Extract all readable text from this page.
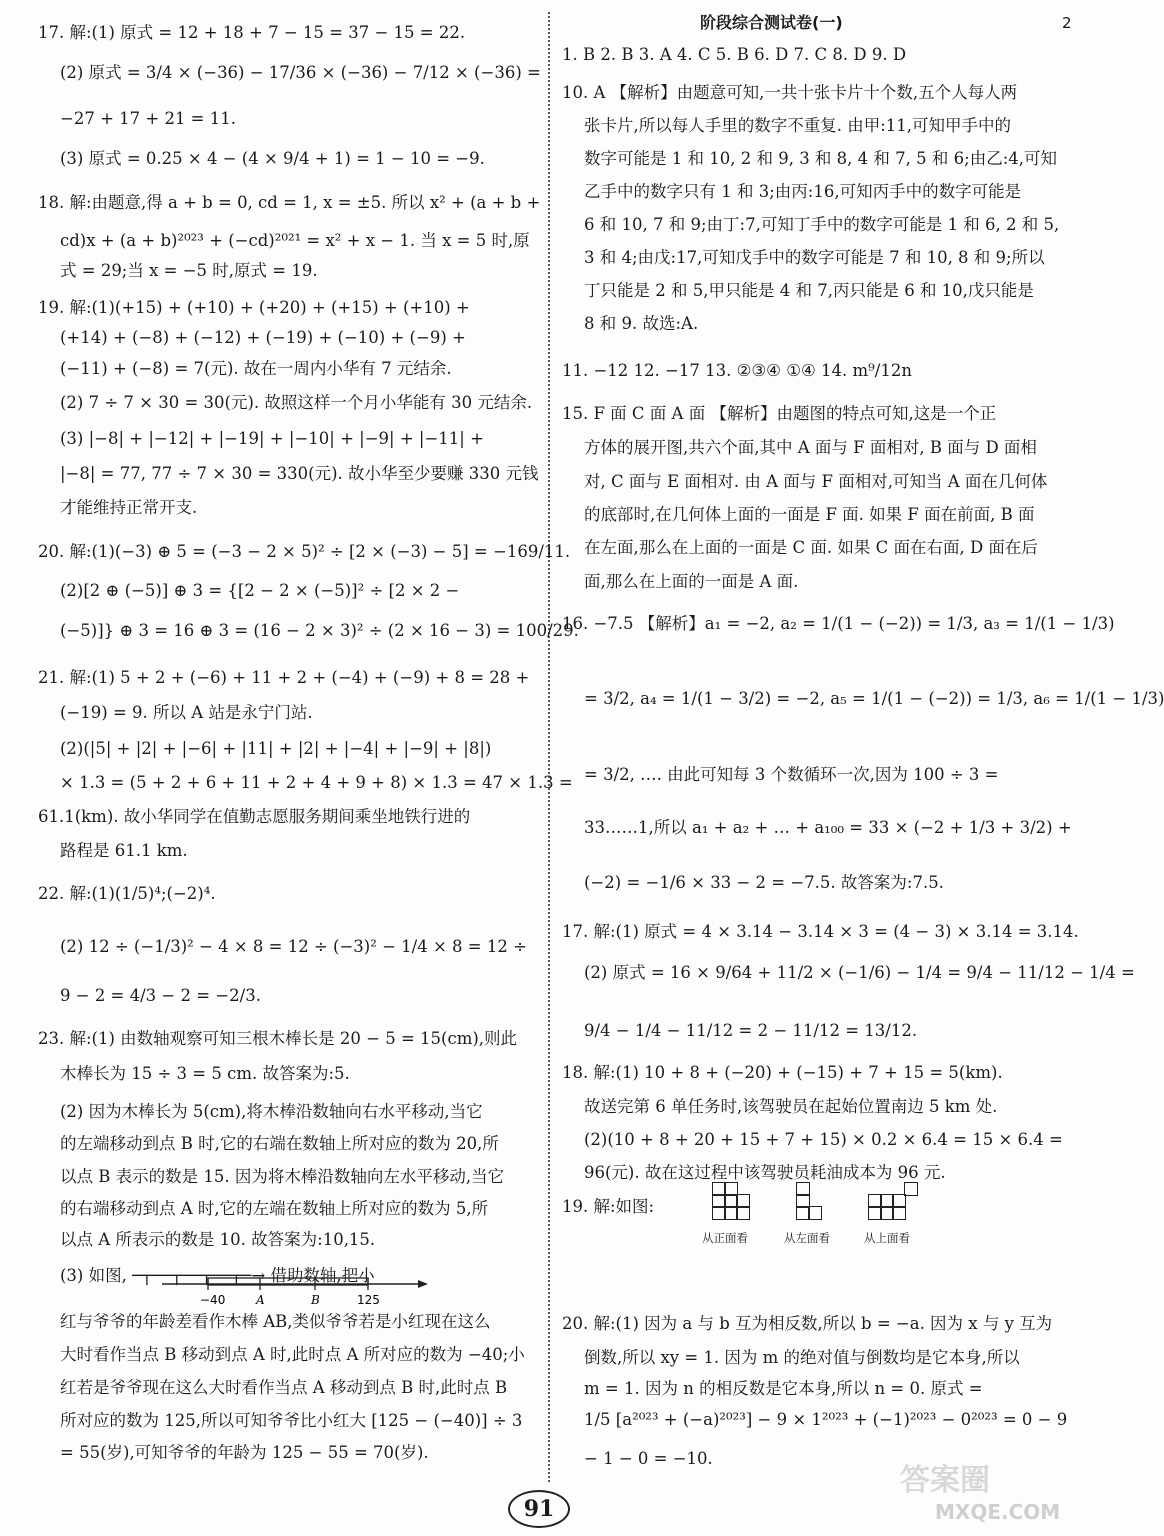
2
阶段综合测试卷(一)
17. 解:(1) 原式 = 12 + 18 + 7 − 15 = 37 − 15 = 22.
(2) 原式 = 3/4 × (−36) − 17/36 × (−36) − 7/12 × (−36) =
−27 + 17 + 21 = 11.
(3) 原式 = 0.25 × 4 − (4 × 9/4 + 1) = 1 − 10 = −9.
18. 解:由题意,得 a + b = 0, cd = 1, x = ±5. 所以 x² + (a + b +
cd)x + (a + b)²⁰²³ + (−cd)²⁰²¹ = x² + x − 1. 当 x = 5 时,原
式 = 29;当 x = −5 时,原式 = 19.
19. 解:(1)(+15) + (+10) + (+20) + (+15) + (+10) +
(+14) + (−8) + (−12) + (−19) + (−10) + (−9) +
(−11) + (−8) = 7(元). 故在一周内小华有 7 元结余.
(2) 7 ÷ 7 × 30 = 30(元). 故照这样一个月小华能有 30 元结余.
(3) |−8| + |−12| + |−19| + |−10| + |−9| + |−11| +
|−8| = 77, 77 ÷ 7 × 30 = 330(元). 故小华至少要赚 330 元钱
才能维持正常开支.
20. 解:(1)(−3) ⊕ 5 = (−3 − 2 × 5)² ÷ [2 × (−3) − 5] = −169/11.
(2)[2 ⊕ (−5)] ⊕ 3 = {[2 − 2 × (−5)]² ÷ [2 × 2 −
(−5)]} ⊕ 3 = 16 ⊕ 3 = (16 − 2 × 3)² ÷ (2 × 16 − 3) = 100/29.
21. 解:(1) 5 + 2 + (−6) + 11 + 2 + (−4) + (−9) + 8 = 28 +
(−19) = 9. 所以 A 站是永宁门站.
(2)(|5| + |2| + |−6| + |11| + |2| + |−4| + |−9| + |8|)
× 1.3 = (5 + 2 + 6 + 11 + 2 + 4 + 9 + 8) × 1.3 = 47 × 1.3 =
61.1(km). 故小华同学在值勤志愿服务期间乘坐地铁行进的
路程是 61.1 km.
22. 解:(1)(1/5)⁴;(−2)⁴.
(2) 12 ÷ (−1/3)² − 4 × 8 = 12 ÷ (−3)² − 1/4 × 8 = 12 ÷
9 − 2 = 4/3 − 2 = −2/3.
23. 解:(1) 由数轴观察可知三根木棒长是 20 − 5 = 15(cm),则此
木棒长为 15 ÷ 3 = 5 cm. 故答案为:5.
(2) 因为木棒长为 5(cm),将木棒沿数轴向右水平移动,当它
的左端移动到点 B 时,它的右端在数轴上所对应的数为 20,所
以点 B 表示的数是 15. 因为将木棒沿数轴向左水平移动,当它
的右端移动到点 A 时,它的左端在数轴上所对应的数为 5,所
以点 A 所表示的数是 10. 故答案为:10,15.
(3) 如图, ─┬──┬──┬──┬─→ 借助数轴,把小
红与爷爷的年龄差看作木棒 AB,类似爷爷若是小红现在这么
大时看作当点 B 移动到点 A 时,此时点 A 所对应的数为 −40;小
红若是爷爷现在这么大时看作当点 A 移动到点 B 时,此时点 B
所对应的数为 125,所以可知爷爷比小红大 [125 − (−40)] ÷ 3
= 55(岁),可知爷爷的年龄为 125 − 55 = 70(岁).
1. B 2. B 3. A 4. C 5. B 6. D 7. C 8. D 9. D
10. A 【解析】由题意可知,一共十张卡片十个数,五个人每人两
张卡片,所以每人手里的数字不重复. 由甲:11,可知甲手中的
数字可能是 1 和 10, 2 和 9, 3 和 8, 4 和 7, 5 和 6;由乙:4,可知
乙手中的数字只有 1 和 3;由丙:16,可知丙手中的数字可能是
6 和 10, 7 和 9;由丁:7,可知丁手中的数字可能是 1 和 6, 2 和 5,
3 和 4;由戊:17,可知戊手中的数字可能是 7 和 10, 8 和 9;所以
丁只能是 2 和 5,甲只能是 4 和 7,丙只能是 6 和 10,戊只能是
8 和 9. 故选:A.
11. −12 12. −17 13. ②③④ ①④ 14. m⁹/12n
15. F 面 C 面 A 面 【解析】由题图的特点可知,这是一个正
方体的展开图,共六个面,其中 A 面与 F 面相对, B 面与 D 面相
对, C 面与 E 面相对. 由 A 面与 F 面相对,可知当 A 面在几何体
的底部时,在几何体上面的一面是 F 面. 如果 F 面在前面, B 面
在左面,那么在上面的一面是 C 面. 如果 C 面在右面, D 面在后
面,那么在上面的一面是 A 面.
16. −7.5 【解析】a₁ = −2, a₂ = 1/(1 − (−2)) = 1/3, a₃ = 1/(1 − 1/3)
= 3/2, a₄ = 1/(1 − 3/2) = −2, a₅ = 1/(1 − (−2)) = 1/3, a₆ = 1/(1 − 1/3)
= 3/2, …. 由此可知每 3 个数循环一次,因为 100 ÷ 3 =
33……1,所以 a₁ + a₂ + … + a₁₀₀ = 33 × (−2 + 1/3 + 3/2) +
(−2) = −1/6 × 33 − 2 = −7.5. 故答案为:7.5.
17. 解:(1) 原式 = 4 × 3.14 − 3.14 × 3 = (4 − 3) × 3.14 = 3.14.
(2) 原式 = 16 × 9/64 + 11/2 × (−1/6) − 1/4 = 9/4 − 11/12 − 1/4 =
9/4 − 1/4 − 11/12 = 2 − 11/12 = 13/12.
18. 解:(1) 10 + 8 + (−20) + (−15) + 7 + 15 = 5(km).
故送完第 6 单任务时,该驾驶员在起始位置南边 5 km 处.
(2)(10 + 8 + 20 + 15 + 7 + 15) × 0.2 × 6.4 = 15 × 6.4 =
96(元). 故在这过程中该驾驶员耗油成本为 96 元.
19. 解:如图:
20. 解:(1) 因为 a 与 b 互为相反数,所以 b = −a. 因为 x 与 y 互为
倒数,所以 xy = 1. 因为 m 的绝对值与倒数均是它本身,所以
m = 1. 因为 n 的相反数是它本身,所以 n = 0. 原式 =
1/5 [a²⁰²³ + (−a)²⁰²³] − 9 × 1²⁰²³ + (−1)²⁰²³ − 0²⁰²³ = 0 − 9
− 1 − 0 = −10.
−40	A	B	125
从正面看	从左面看	从上面看
91
答案圈
MXQE.COM
